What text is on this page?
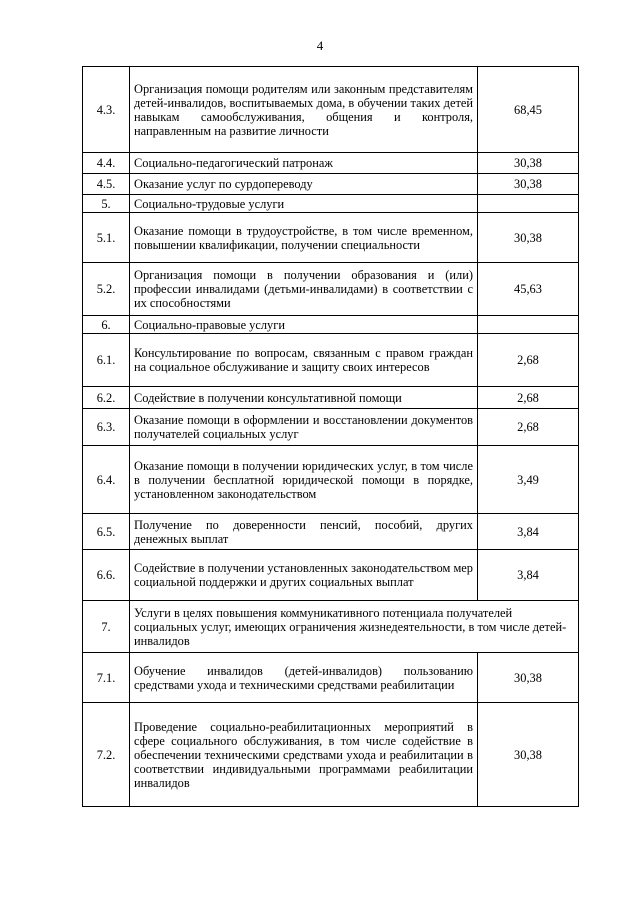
4
4.3.	Организация помощи родителям или законным представителям детей-инвалидов, воспитываемых дома, в обучении таких детей навыкам самообслуживания, общения и контроля, направленным на развитие личности	68,45
4.4.	Социально-педагогический патронаж	30,38
4.5.	Оказание услуг по сурдопереводу	30,38
5.	Социально-трудовые услуги	
5.1.	Оказание помощи в трудоустройстве, в том числе временном, повышении квалификации, получении специальности	30,38
5.2.	Организация помощи в получении образования и (или) профессии инвалидами (детьми-инвалидами) в соответствии с их способностями	45,63
6.	Социально-правовые услуги	
6.1.	Консультирование по вопросам, связанным с правом граждан на социальное обслуживание и защиту своих интересов	2,68
6.2.	Содействие в получении консультативной помощи	2,68
6.3.	Оказание помощи в оформлении и восстановлении документов получателей социальных услуг	2,68
6.4.	Оказание помощи в получении юридических услуг, в том числе в получении бесплатной юридической помощи в порядке, установленном законодательством	3,49
6.5.	Получение по доверенности пенсий, пособий, других денежных выплат	3,84
6.6.	Содействие в получении установленных законодательством мер социальной поддержки и других социальных выплат	3,84
7.	Услуги в целях повышения коммуникативного потенциала получателей социальных услуг, имеющих ограничения жизнедеятельности, в том числе детей-инвалидов	
7.1.	Обучение инвалидов (детей-инвалидов) пользованию средствами ухода и техническими средствами реабилитации	30,38
7.2.	Проведение социально-реабилитационных мероприятий в сфере социального обслуживания, в том числе содействие в обеспечении техническими средствами ухода и реабилитации в соответствии индивидуальными программами реабилитации инвалидов	30,38
